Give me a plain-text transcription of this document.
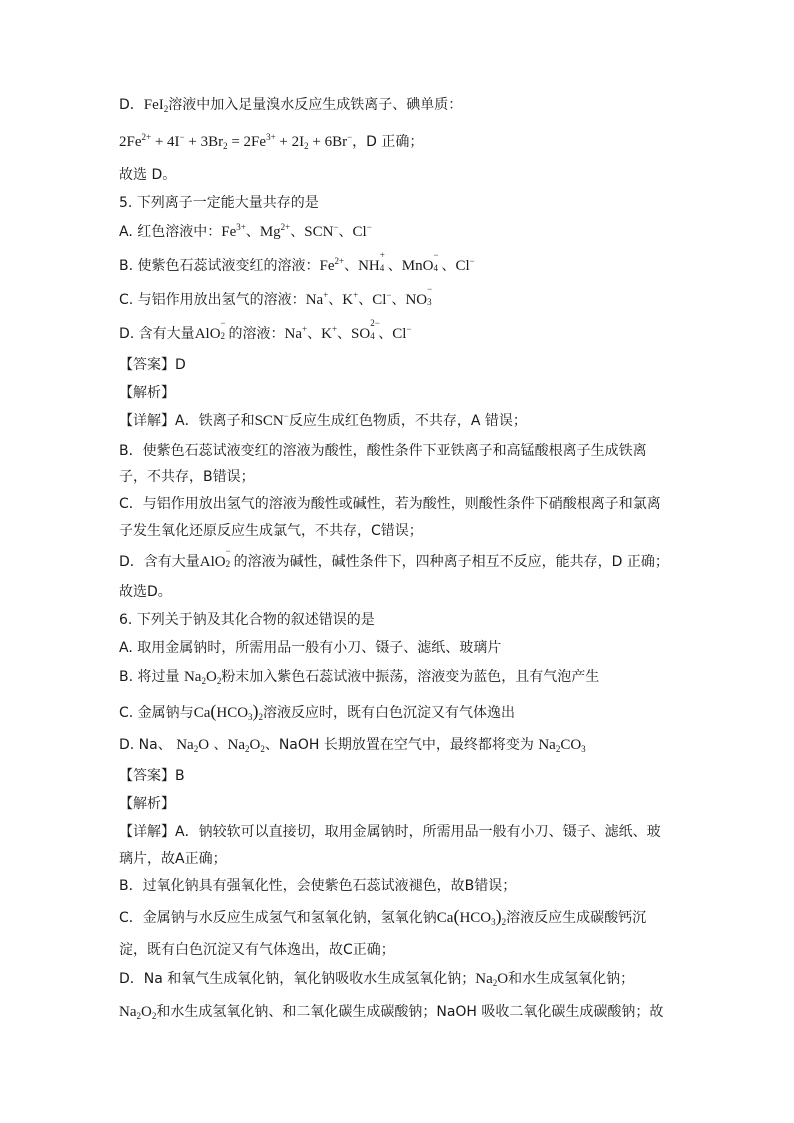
D．FeI$_2$溶液中加入足量溴水反应生成铁离子、碘单质：
$2Fe^{2+} + 4I^- + 3Br_2 = 2Fe^{3+} + 2I_2 + 6Br^-$，D 正确；
故选 D。
5. 下列离子一定能大量共存的是
A. 红色溶液中：$Fe^{3+}$、$Mg^{2+}$、SCN−、Cl−
B. 使紫色石蕊试液变红的溶液：$Fe^{2+}$、NH
+
4 、MnO
−
4 、Cl−
C. 与铝作用放出氢气的溶液：Na+、K+、Cl−、NO
−
3
D. 含有大量AlO
−
2 的溶液：Na+、K+、SO
2−
4 、Cl−
【答案】D
【解析】
【详解】A．铁离子和SCN−反应生成红色物质，不共存，A 错误；
B．使紫色石蕊试液变红的溶液为酸性，酸性条件下亚铁离子和高锰酸根离子生成铁离
子，不共存，B错误；
C．与铝作用放出氢气的溶液为酸性或碱性，若为酸性，则酸性条件下硝酸根离子和氯离
子发生氧化还原反应生成氯气，不共存，C错误；
D．含有大量AlO
−
2 的溶液为碱性，碱性条件下，四种离子相互不反应，能共存，D 正确；
故选D。
6. 下列关于钠及其化合物的叙述错误的是
A. 取用金属钠时，所需用品一般有小刀、镊子、滤纸、玻璃片
B. 将过量 $Na_2O_2$粉末加入紫色石蕊试液中振荡，溶液变为蓝色，且有气泡产生
C. 金属钠与$Ca(HCO_3)_2$溶液反应时，既有白色沉淀又有气体逸出
D. Na、 $Na_2O$ 、$Na_2O_2$、NaOH 长期放置在空气中，最终都将变为 $Na_2CO_3$
【答案】B
【解析】
【详解】A．钠较软可以直接切，取用金属钠时，所需用品一般有小刀、镊子、滤纸、玻
璃片，故A正确；
B．过氧化钠具有强氧化性，会使紫色石蕊试液褪色，故B错误；
C．金属钠与水反应生成氢气和氢氧化钠，氢氧化钠$Ca(HCO_3)_2$溶液反应生成碳酸钙沉
淀，既有白色沉淀又有气体逸出，故C正确；
D．Na 和氧气生成氧化钠，氧化钠吸收水生成氢氧化钠；$Na_2O$和水生成氢氧化钠；
$Na_2O_2$和水生成氢氧化钠、和二氧化碳生成碳酸钠；NaOH 吸收二氧化碳生成碳酸钠；故
